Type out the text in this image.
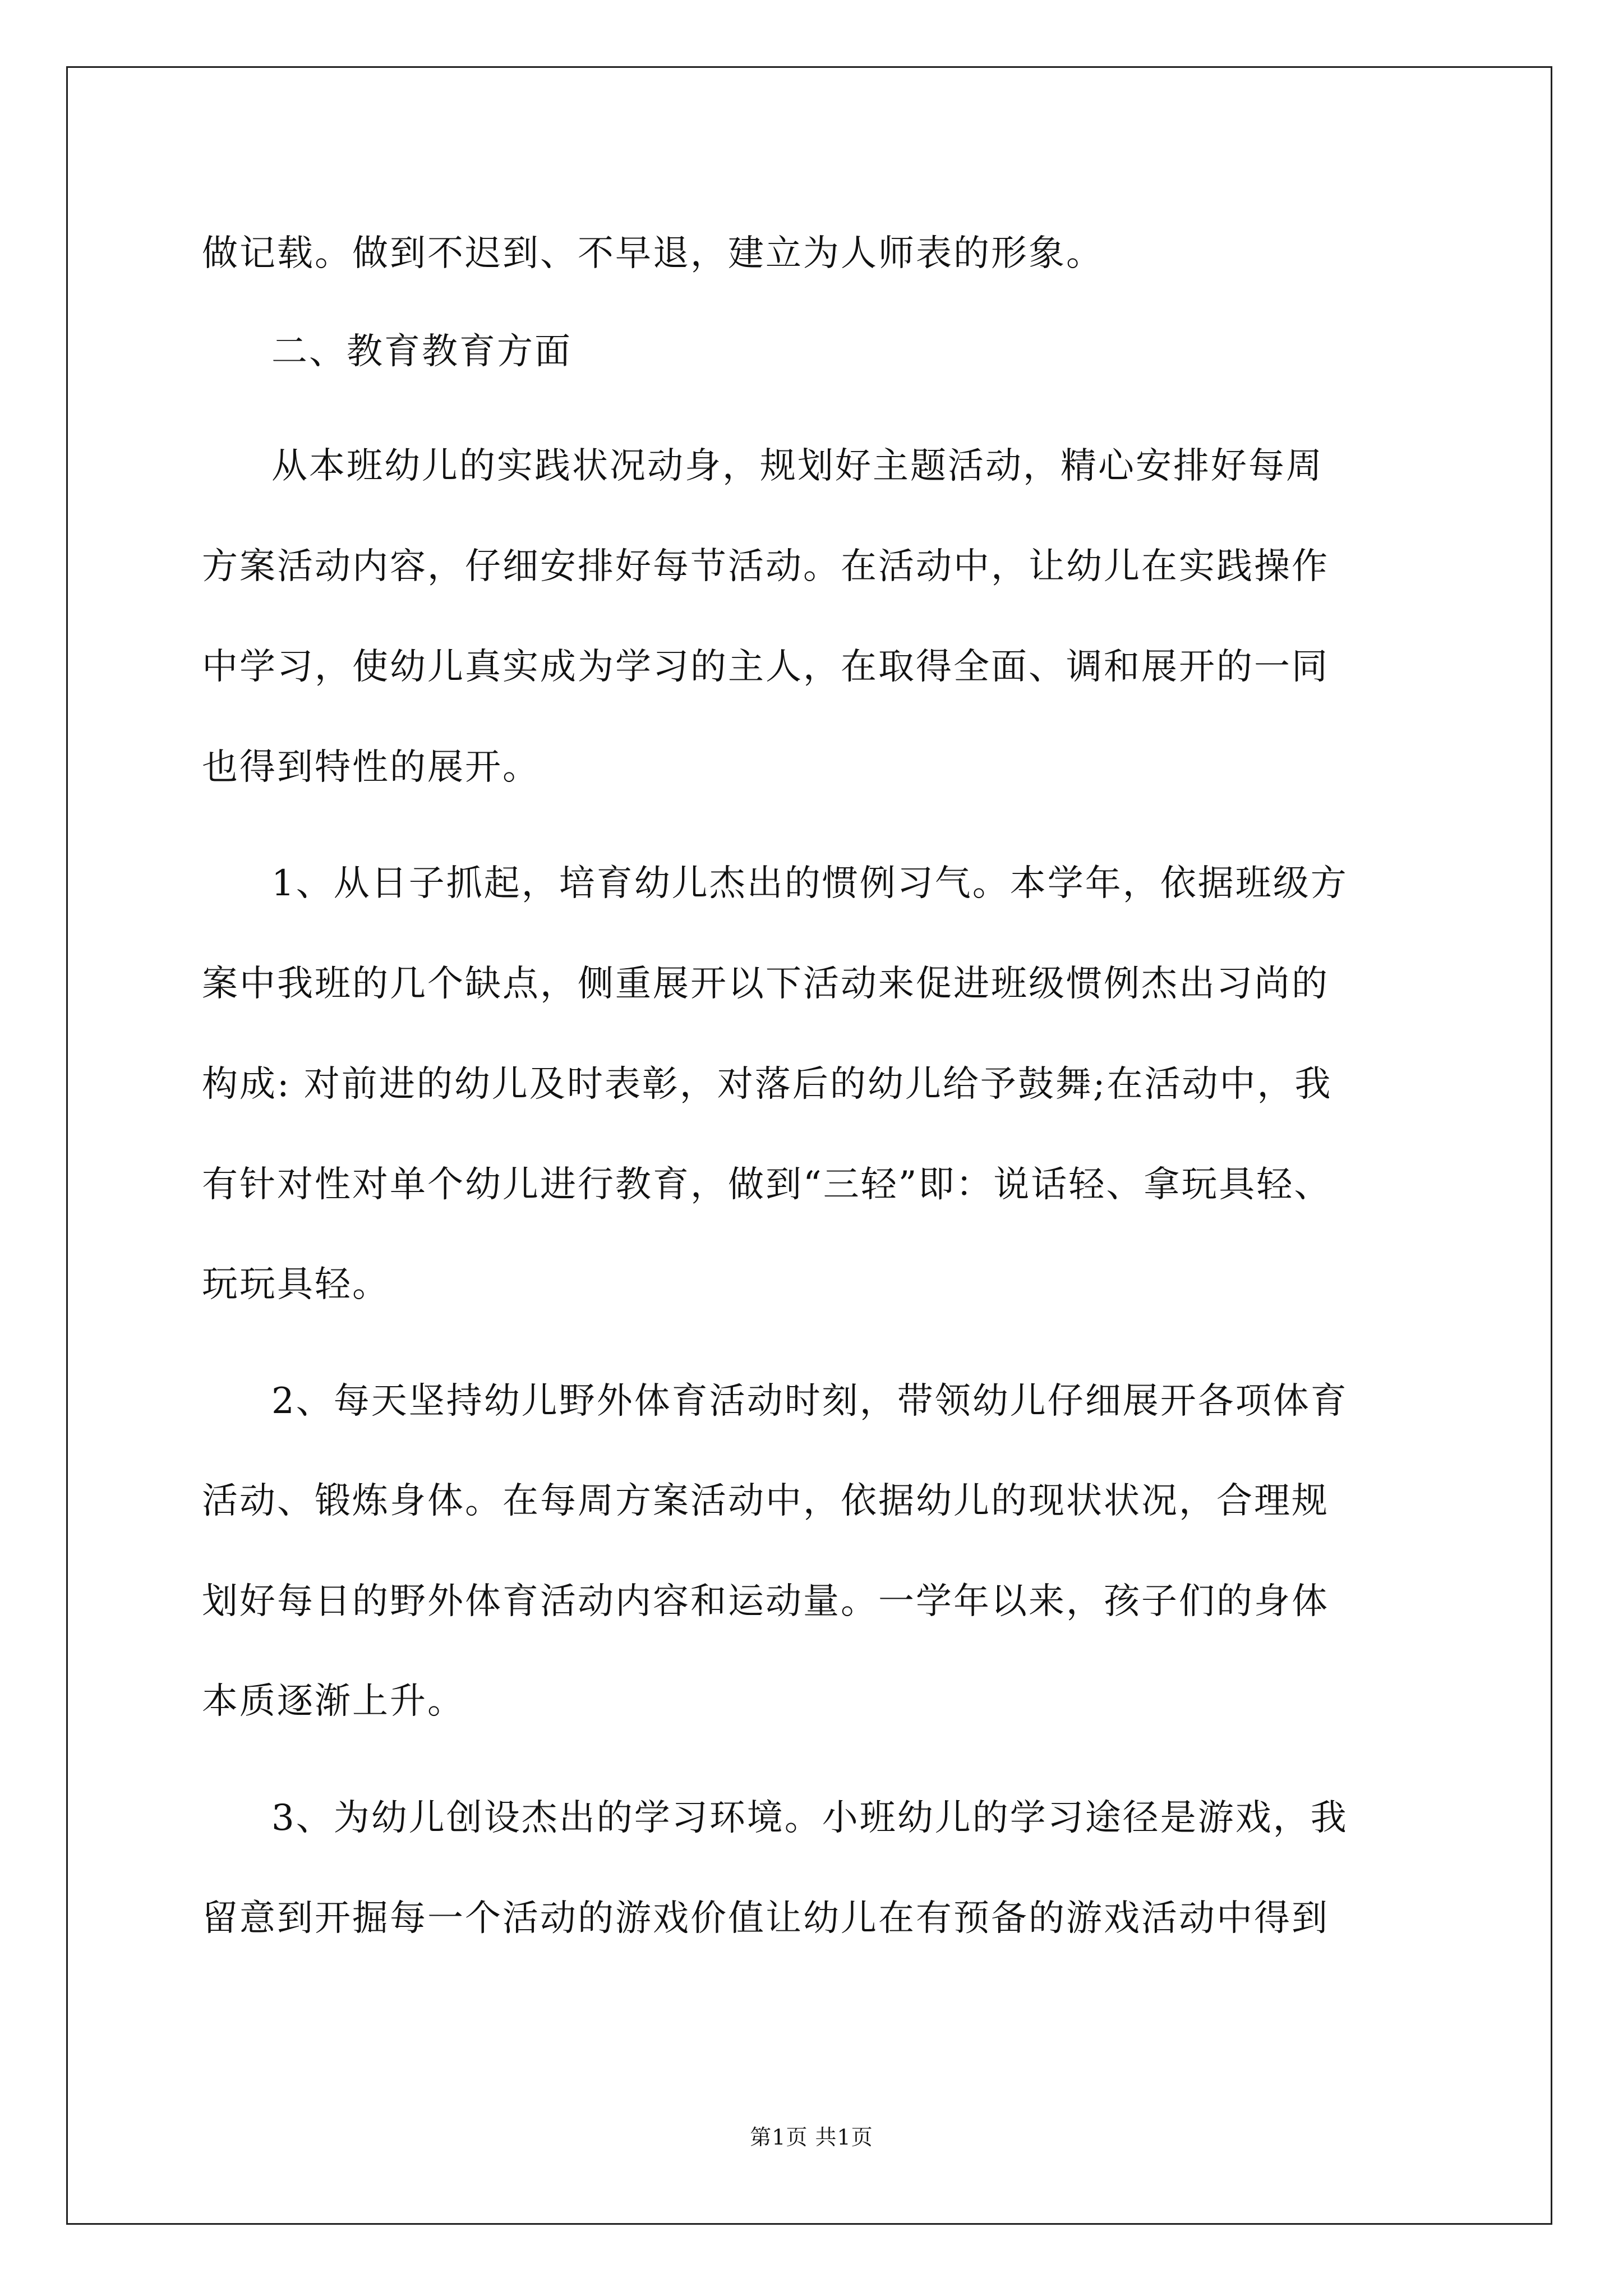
做记载。做到不迟到、不早退，建立为人师表的形象。
二、教育教育方面
从本班幼儿的实践状况动身，规划好主题活动，精心安排好每周
方案活动内容，仔细安排好每节活动。在活动中，让幼儿在实践操作
中学习，使幼儿真实成为学习的主人，在取得全面、调和展开的一同
也得到特性的展开。
1、从日子抓起，培育幼儿杰出的惯例习气。本学年，依据班级方
案中我班的几个缺点，侧重展开以下活动来促进班级惯例杰出习尚的
构成: 对前进的幼儿及时表彰，对落后的幼儿给予鼓舞;在活动中，我
有针对性对单个幼儿进行教育，做到“三轻”即：说话轻、拿玩具轻、
玩玩具轻。
2、每天坚持幼儿野外体育活动时刻，带领幼儿仔细展开各项体育
活动、锻炼身体。在每周方案活动中，依据幼儿的现状状况，合理规
划好每日的野外体育活动内容和运动量。一学年以来，孩子们的身体
本质逐渐上升。
3、为幼儿创设杰出的学习环境。小班幼儿的学习途径是游戏，我
留意到开掘每一个活动的游戏价值让幼儿在有预备的游戏活动中得到
第1页 共1页
